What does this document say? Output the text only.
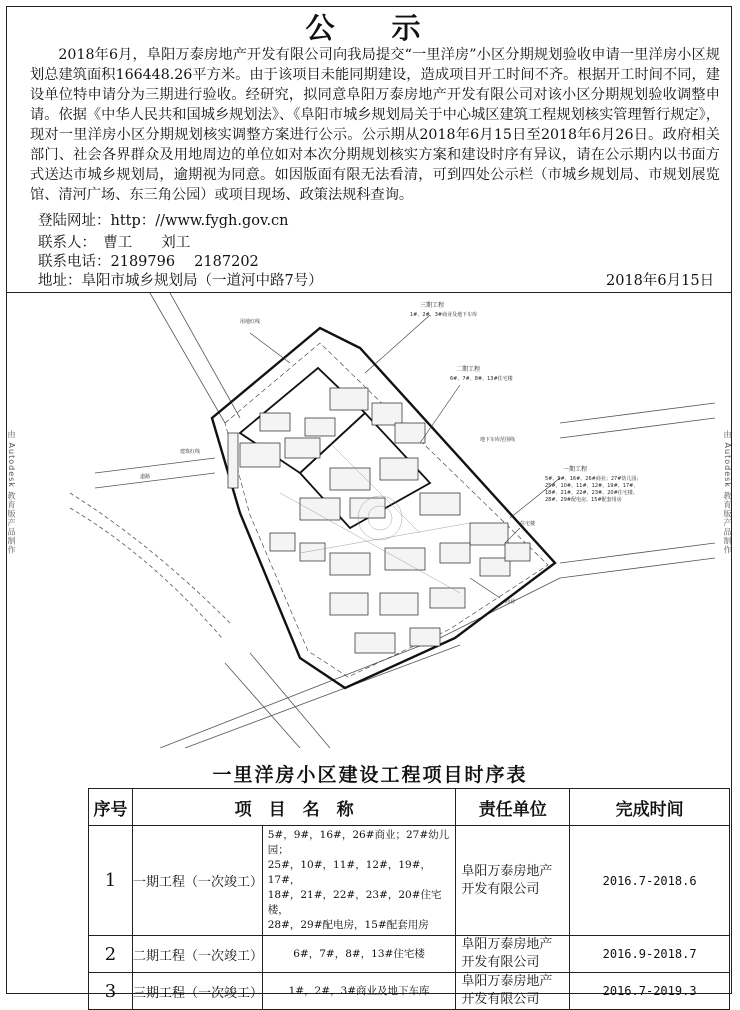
公　示

2018年6月，阜阳万泰房地产开发有限公司向我局提交“一里洋房”小区分期规划验收申请一里洋房小区规划总建筑面积166448.26平方米。由于该项目未能同期建设，造成项目开工时间不齐。根据开工时间不同，建设单位特申请分为三期进行验收。经研究，拟同意阜阳万泰房地产开发有限公司对该小区分期规划验收调整申请。依据《中华人民共和国城乡规划法》、《阜阳市城乡规划局关于中心城区建筑工程规划核实管理暂行规定》，现对一里洋房小区分期规划核实调整方案进行公示。公示期从2018年6月15日至2018年6月26日。政府相关部门、社会各界群众及用地周边的单位如对本次分期规划核实方案和建设时序有异议，请在公示期内以书面方式送达市城乡规划局，逾期视为同意。如因版面有限无法看清，可到四处公示栏（市城乡规划局、市规划展览馆、清河广场、东三角公园）或项目现场、政策法规科查询。

登陆网址：http：//www.fygh.gov.cn
联系人：　曹工　　刘工
联系电话：2189796　 2187202
地址：阜阳市城乡规划局（一道河中路7号）	2018年6月15日
由 Autodesk 教育版产品制作	由 Autodesk 教育版产品制作
三期工程
1#、2#、3#商业及地下车库
二期工程
6#、7#、8#、13#住宅楼
一期工程
5#、9#、16#、26#商业；27#幼儿园；
25#、10#、11#、12#、19#、17#、
18#、21#、22#、23#、20#住宅楼、
28#、29#配电房、15#配套用房
用地红线
建筑红线
地下车库范围线
道路
住宅楼
商业
一里洋房小区建设工程项目时序表
序号	项　目　名　称		责任单位	完成时间
1	一期工程（一次竣工）	5#，9#，16#，26#商业；27#幼儿园；
25#，10#，11#，12#，19#，17#，
18#，21#，22#，23#，20#住宅楼，
28#，29#配电房，15#配套用房	阜阳万泰房地产开发有限公司	2016.7-2018.6
2	二期工程（一次竣工）	6#，7#，8#，13#住宅楼	阜阳万泰房地产开发有限公司	2016.9-2018.7
3	三期工程（一次竣工）	1#，2#，3#商业及地下车库	阜阳万泰房地产开发有限公司	2016.7-2019.3
